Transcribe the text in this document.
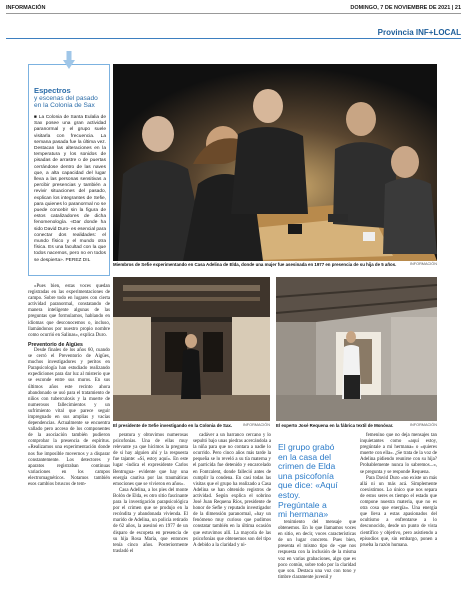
INFORMACIÓN	DOMINGO, 7 DE NOVIEMBRE DE 2021 | 21
Provincia INF+LOCAL
Espectros
y escenas del pasado en la Colonia de Sax
■ La Colonia de Santa Eulalia de Sax posee una gran actividad paranormal y el grupo suele visitarla con frecuencia. La semana pasada fue la última vez. Destacan las alteraciones en la temperatura y los sonidos de pisadas de arrastre o de puertas cerrándose dentro de las naves que, a alta capacidad del lugar lleva a las personas sensitivas a percibir presencias y también a revivir situaciones del pasado, explican los integrantes de Sefie, para quienes lo paranormal no se puede concebir sin la figura de estos catalizadores de dicha fenomenología. «Dar donde ha sido David Duro- es esencial para conectar dos realidades: el mundo físico y el mundo otra física. Es una facultad con la que todos nacemos, pero no en todos se despierta». PEREZ DIL
Miembros de Sefie experimentando en Casa Adelina de Elda, donde una mujer fue asesinada en 1977 en presencia de su hija de 5 años.	INFORMACIÓN

«Pues bien, estas voces quedan registradas en las experimentaciones de campo. Sobre todo en lugares con cierta actividad paranormal, constatando de manera inteligente algunas de las preguntas que formulamos, hablando en idiomas que desconocemos o, incluso, llamándonos por nuestro propio nombre como ocurrió en Salinas», explica Duro.

Preventorio de Aigües

Desde finales de los años 60, cuando se cerró el Preventorio de Aigües, muchos investigadores y peritos en Parapsicología han estudiado realizando expediciones para dar luz al misterio que se esconde entre sus muros. En sus últimos años este recinto ahora abandonado se usó para el tratamiento de niños con tuberculosis y la muerte de numerosos fallecimientos y un sufrimiento vital que parece seguir impregnado en sus amplias y vacías dependencias. Actualmente se encuentra vallado pero acceso de los componentes de la asociación también pudieron comprobar la presencia de espíritus. «Realizamos una experimentación donde nos fue imposible movernos y a disparar constantemente. Los detectores y aparatos registraban continuas variaciones en los campos electromagnéticos. Notamos también esos cambios bruscos de tem-

El presidente de Sefie investigando en la Colonia de Sax.	INFORMACIÓN El experto José Requena en la fábrica textil de Monóvar.	INFORMACIÓN

peratura y obtuvimos numerosas psicofonías. Una de ellas muy relevante ya que hicimos la pregunta de si hay alguien ahí y la respuesta fue tajante: «Sí, estoy aquí». En este lugar -indica el expresidente Carlos Bentrugua- evidente que hay una energía cautiva por las traumáticas emociones que se vivieron en años».

Casa Adelina, a los pies del monte Bolón de Elda, es otro sitio fascinante para la investigación parapsicológica por el crimen que se produjo en la recóndita y abandonada vivienda. El marido de Adelina, un policía retirado de 62 años, la asesinó en 1977 de un disparo de escopeta en presencia de su hija Rosa María, que entonces tenía cinco años. Posteriormente trasladó el

cadáver a un barranco cercano y lo sepultó bajo unas piedras acercándola a la niña para que no contara a nadie lo ocurrido. Pero cinco años más tarde la pequeña se lo reveló a su tía materna y el parricida fue detenido y encarcelado en Fontcalent, donde falleció antes de cumplir la condena. En casi todas las visitas que el grupo ha realizado a Casa Adelina se han obtenido registros de actividad. Según explica el sobrino José Juan Requena Ríos, presidente de honor de Sefie y reputado investigador de la dimensión paranormal, «hay un fenómeno muy curioso que pudimos constatar también en la última ocasión que estuvimos allí. La mayoría de las psicofonías que obtenemos son del tipo A debido a la claridad y ni-

El grupo grabó en la casa del crimen de Elda una psicofonía que dice: «Aquí estoy. Pregúntale a mi hermana»

tenimiento del mensaje que obtenemos. En lo que llamamos voces en sitio, en decir, voces características de un lugar concreto. Pues bien, presenta el mismo tipo de -que nos respuesta con la inclusión de la misma voz en varias grabaciones, algo que es poco común, sobre todo por la claridad que son. Destaca una voz con tono y timbre claramente juvenil y

femenino que no deja mensajes tan inquietantes como «aquí estoy, pregúntale a mi hermana» o «quieres muerte con ella». ¿Se trata de la voz de Adelina pidiendo reunirse con su hija? Probablemente nunca lo sabremos...», se pregunta y se responde Requena.

Para David Duro «no existe un más allá ni un más acá. Simplemente coexistimos. Lo único que nos separa de estos seres es tiempo el estado que compone nuestra materia, que no es otra cosa que energía». Una energía que lleva a estas apasionados del ocultismo a enfrentarse a lo desconocido, desde un punto de vista científico y objetivo, pero asistiendo a episodios que, sin embargo, ponen a prueba la razón humana.
